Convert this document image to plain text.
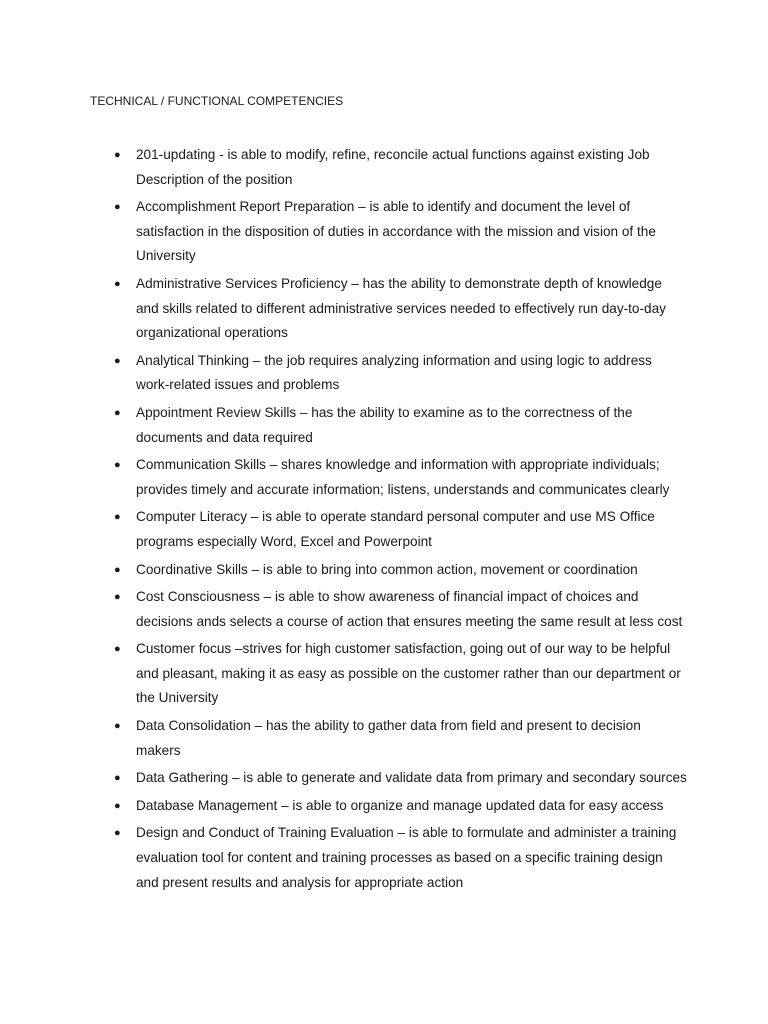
TECHNICAL / FUNCTIONAL COMPETENCIES
● 201-updating - is able to modify, refine, reconcile actual functions against existing Job Description of the position
● Accomplishment Report Preparation – is able to identify and document the level of satisfaction in the disposition of duties in accordance with the mission and vision of the University
● Administrative Services Proficiency – has the ability to demonstrate depth of knowledge and skills related to different administrative services needed to effectively run day-to-day organizational operations
● Analytical Thinking – the job requires analyzing information and using logic to address work-related issues and problems
● Appointment Review Skills – has the ability to examine as to the correctness of the documents and data required
● Communication Skills – shares knowledge and information with appropriate individuals; provides timely and accurate information; listens, understands and communicates clearly
● Computer Literacy – is able to operate standard personal computer and use MS Office programs especially Word, Excel and Powerpoint
● Coordinative Skills – is able to bring into common action, movement or coordination
● Cost Consciousness – is able to show awareness of financial impact of choices and decisions ands selects a course of action that ensures meeting the same result at less cost
● Customer focus –strives for high customer satisfaction, going out of our way to be helpful and pleasant, making it as easy as possible on the customer rather than our department or the University
● Data Consolidation – has the ability to gather data from field and present to decision makers
● Data Gathering – is able to generate and validate data from primary and secondary sources
● Database Management – is able to organize and manage updated data for easy access
● Design and Conduct of Training Evaluation – is able to formulate and administer a training evaluation tool for content and training processes as based on a specific training design and present results and analysis for appropriate action
